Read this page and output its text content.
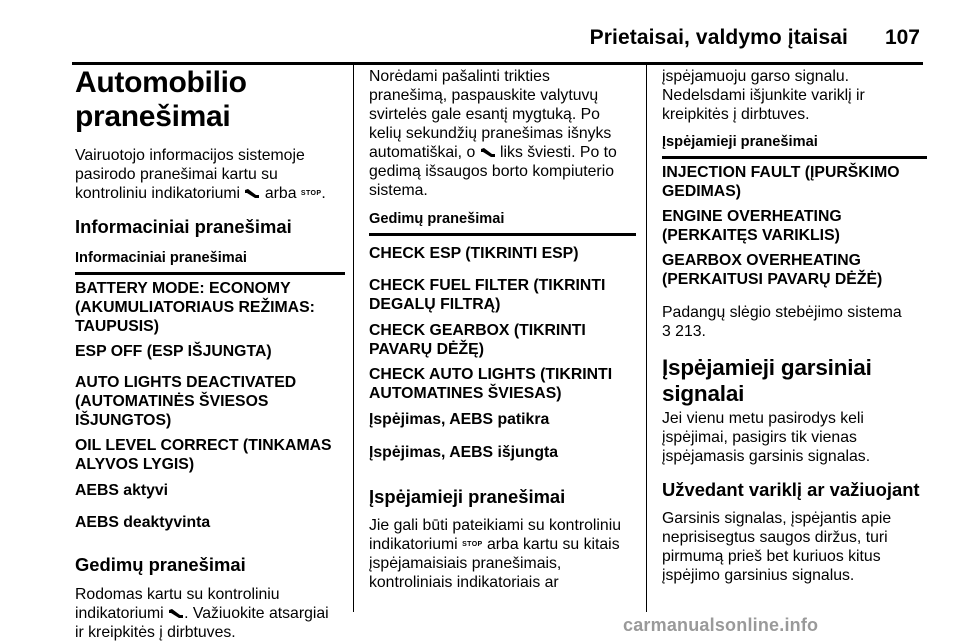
Prietaisai, valdymo įtaisai 107
Automobilio pranešimai

Vairuotojo informacijos sistemoje
pasirodo pranešimai kartu su
kontroliniu indikatoriumi arba STOP.

Informaciniai pranešimai

Informaciniai pranešimai

BATTERY MODE: ECONOMY
(AKUMULIATORIAUS REŽIMAS:
TAUPUSIS)

ESP OFF (ESP IŠJUNGTA)

AUTO LIGHTS DEACTIVATED
(AUTOMATINĖS ŠVIESOS
IŠJUNGTOS)

OIL LEVEL CORRECT (TINKAMAS
ALYVOS LYGIS)

AEBS aktyvi

AEBS deaktyvinta

Gedimų pranešimai

Rodomas kartu su kontroliniu
indikatoriumi . Važiuokite atsargiai
ir kreipkitės į dirbtuves.

Norėdami pašalinti trikties
pranešimą, paspauskite valytuvų
svirtelės gale esantį mygtuką. Po
kelių sekundžių pranešimas išnyks
automatiškai, o liks šviesti. Po to
gedimą išsaugos borto kompiuterio
sistema.

Gedimų pranešimai

CHECK ESP (TIKRINTI ESP)

CHECK FUEL FILTER (TIKRINTI
DEGALŲ FILTRĄ)

CHECK GEARBOX (TIKRINTI
PAVARŲ DĖŽĘ)

CHECK AUTO LIGHTS (TIKRINTI
AUTOMATINES ŠVIESAS)

Įspėjimas, AEBS patikra

Įspėjimas, AEBS išjungta

Įspėjamieji pranešimai

Jie gali būti pateikiami su kontroliniu
indikatoriumi STOP arba kartu su kitais
įspėjamaisiais pranešimais,
kontroliniais indikatoriais ar

įspėjamuoju garso signalu.
Nedelsdami išjunkite variklį ir
kreipkitės į dirbtuves.

Įspėjamieji pranešimai

INJECTION FAULT (ĮPURŠKIMO
GEDIMAS)

ENGINE OVERHEATING
(PERKAITĘS VARIKLIS)

GEARBOX OVERHEATING
(PERKAITUSI PAVARŲ DĖŽĖ)

Padangų slėgio stebėjimo sistema
3 213.

Įspėjamieji garsiniai signalai

Jei vienu metu pasirodys keli
įspėjimai, pasigirs tik vienas
įspėjamasis garsinis signalas.

Užvedant variklį ar važiuojant

Garsinis signalas, įspėjantis apie
neprisisegtus saugos diržus, turi
pirmumą prieš bet kuriuos kitus
įspėjimo garsinius signalus.

carmanualsonline.info
